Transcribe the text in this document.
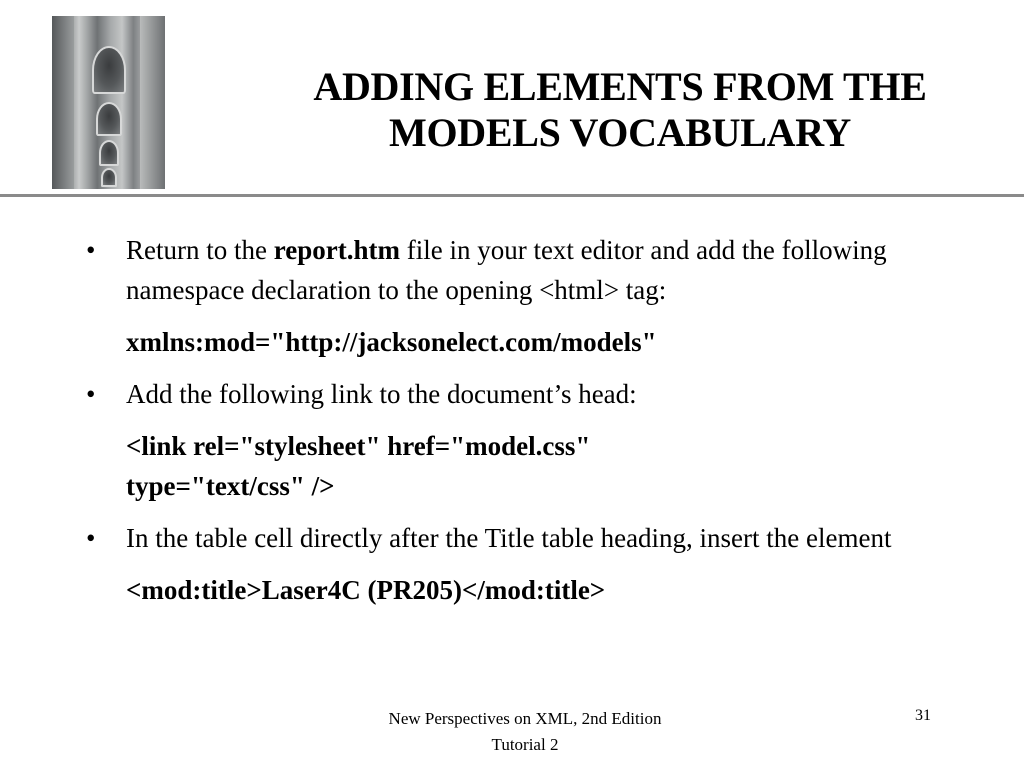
ADDING ELEMENTS FROM THE
MODELS VOCABULARY
• Return to the report.htm file in your text editor and add the following namespace declaration to the opening <html> tag:
xmlns:mod="http://jacksonelect.com/models"
• Add the following link to the document’s head:
<link rel="stylesheet" href="model.css"
type="text/css" />
• In the table cell directly after the Title table heading, insert the element
<mod:title>Laser4C (PR205)</mod:title>
New Perspectives on XML, 2nd Edition
Tutorial 2
31
